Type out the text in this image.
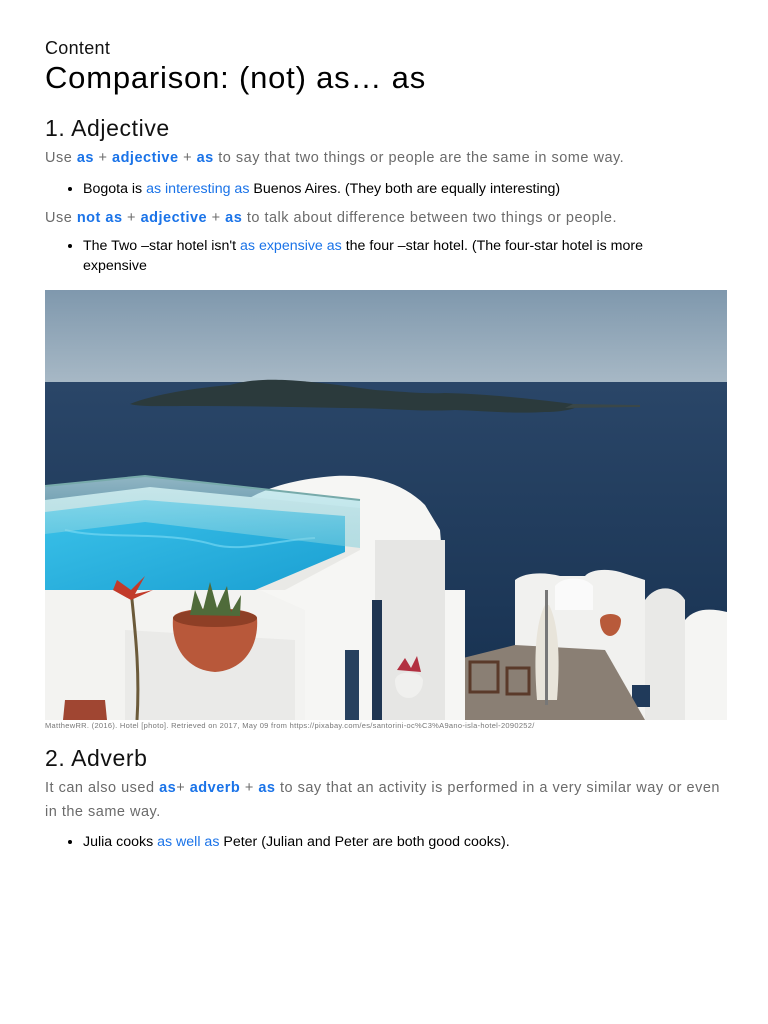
Content
Comparison: (not) as… as
1. Adjective

Use as + adjective + as to say that two things or people are the same in some way.

• Bogota is as interesting as Buenos Aires. (They both are equally interesting)

Use not as + adjective + as to talk about difference between two things or people.

• The Two –star hotel isn't as expensive as the four –star hotel. (The four-star hotel is more expensive
MatthewRR. (2016). Hotel [photo]. Retrieved on 2017, May 09 from https://pixabay.com/es/santorini-oc%C3%A9ano-isla-hotel-2090252/
2. Adverb

It can also used as+ adverb + as to say that an activity is performed in a very similar way or even in the same way.

• Julia cooks as well as Peter (Julian and Peter are both good cooks).
